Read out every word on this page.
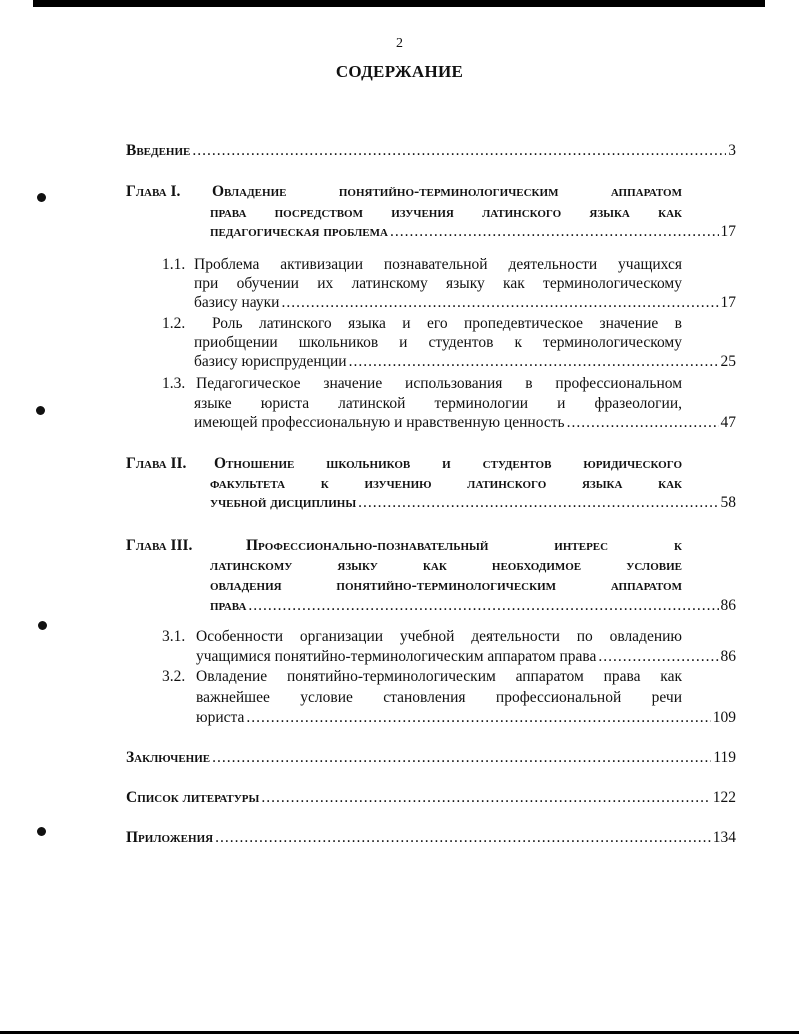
2
СОДЕРЖАНИЕ
Введение .....	3
Глава I. Овладение понятийно-терминологическим аппаратом
права посредством изучения латинского языка как
педагогическая проблема .....	17
1.1. Проблема активизации познавательной деятельности учащихся
при обучении их латинскому языку как терминологическому
базису науки .....	17
1.2. Роль латинского языка и его пропедевтическое значение в
приобщении школьников и студентов к терминологическому
базису юриспруденции .....	25
1.3. Педагогическое значение использования в профессиональном
языке юриста латинской терминологии и фразеологии,
имеющей профессиональную и нравственную ценность .....	47
Глава II. Отношение школьников и студентов юридического
факультета к изучению латинского языка как
учебной дисциплины .....	58
Глава III.	Профессионально-познавательный интерес к
латинскому языку как необходимое условие
овладения понятийно-терминологическим аппаратом
права .....	86
3.1. Особенности организации учебной деятельности по овладению
учащимися понятийно-терминологическим аппаратом права .....	86
3.2. Овладение понятийно-терминологическим аппаратом права как
важнейшее условие становления профессиональной речи
юриста .....	109
Заключение .....	119
Список литературы .....	122
Приложения .....	134
